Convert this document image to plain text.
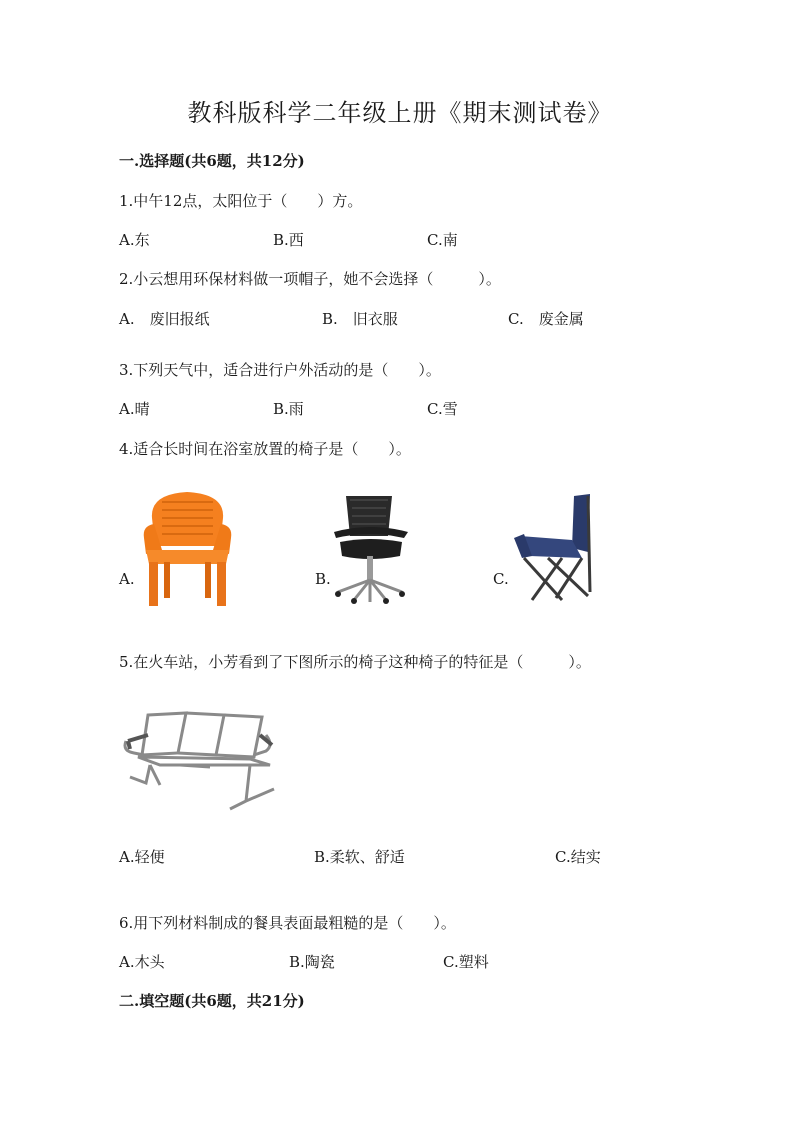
教科版科学二年级上册《期末测试卷》
一.选择题(共6题，共12分)
1.中午12点，太阳位于（　　）方。
A.东	B.西	C.南
2.小云想用环保材料做一项帽子，她不会选择（　　　）。
A.　废旧报纸	B.　旧衣服	C.　废金属
3.下列天气中，适合进行户外活动的是（　　）。
A.晴	B.雨	C.雪
4.适合长时间在浴室放置的椅子是（　　）。
A.	B.	C.
5.在火车站，小芳看到了下图所示的椅子这种椅子的特征是（　　　）。
A.轻便	B.柔软、舒适	C.结实
6.用下列材料制成的餐具表面最粗糙的是（　　）。
A.木头	B.陶瓷	C.塑料
二.填空题(共6题，共21分)
